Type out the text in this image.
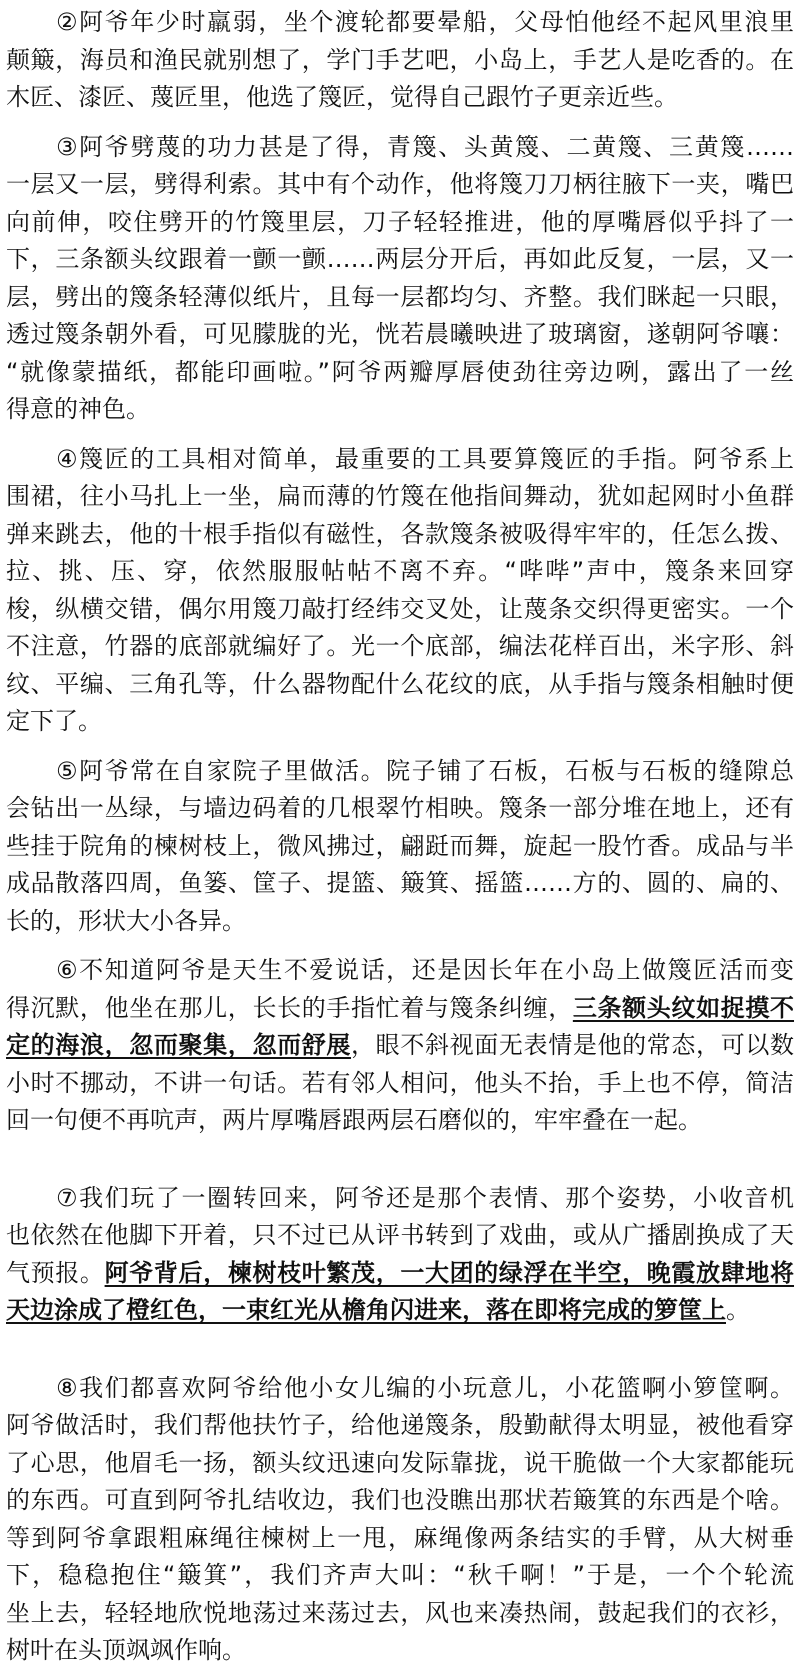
②阿爷年少时羸弱，坐个渡轮都要晕船，父母怕他经不起风里浪里
颠簸，海员和渔民就别想了，学门手艺吧，小岛上，手艺人是吃香的。在
木匠、漆匠、蔑匠里，他选了篾匠，觉得自己跟竹子更亲近些。
③阿爷劈蔑的功力甚是了得，青篾、头黄篾、二黄篾、三黄篾……
一层又一层，劈得利索。其中有个动作，他将篾刀刀柄往腋下一夹，嘴巴
向前伸，咬住劈开的竹篾里层，刀子轻轻推进，他的厚嘴唇似乎抖了一
下，三条额头纹跟着一颤一颤……两层分开后，再如此反复，一层，又一
层，劈出的篾条轻薄似纸片，且每一层都均匀、齐整。我们眯起一只眼，
透过篾条朝外看，可见朦胧的光，恍若晨曦映进了玻璃窗，遂朝阿爷嚷：
“就像蒙描纸，都能印画啦。”阿爷两瓣厚唇使劲往旁边咧，露出了一丝
得意的神色。
④篾匠的工具相对简单，最重要的工具要算篾匠的手指。阿爷系上
围裙，往小马扎上一坐，扁而薄的竹篾在他指间舞动，犹如起网时小鱼群
弹来跳去，他的十根手指似有磁性，各款篾条被吸得牢牢的，任怎么拨、
拉、挑、压、穿，依然服服帖帖不离不弃。“哔哔”声中，篾条来回穿
梭，纵横交错，偶尔用篾刀敲打经纬交叉处，让蔑条交织得更密实。一个
不注意，竹器的底部就编好了。光一个底部，编法花样百出，米字形、斜
纹、平编、三角孔等，什么器物配什么花纹的底，从手指与篾条相触时便
定下了。
⑤阿爷常在自家院子里做活。院子铺了石板，石板与石板的缝隙总
会钻出一丛绿，与墙边码着的几根翠竹相映。篾条一部分堆在地上，还有
些挂于院角的楝树枝上，微风拂过，翩跹而舞，旋起一股竹香。成品与半
成品散落四周，鱼篓、筐子、提篮、簸箕、摇篮……方的、圆的、扁的、
长的，形状大小各异。
⑥不知道阿爷是天生不爱说话，还是因长年在小岛上做篾匠活而变
得沉默，他坐在那儿，长长的手指忙着与篾条纠缠，三条额头纹如捉摸不
定的海浪，忽而聚集，忽而舒展，眼不斜视面无表情是他的常态，可以数
小时不挪动，不讲一句话。若有邻人相问，他头不抬，手上也不停，简洁
回一句便不再吭声，两片厚嘴唇跟两层石磨似的，牢牢叠在一起。
⑦我们玩了一圈转回来，阿爷还是那个表情、那个姿势，小收音机
也依然在他脚下开着，只不过已从评书转到了戏曲，或从广播剧换成了天
气预报。阿爷背后，楝树枝叶繁茂，一大团的绿浮在半空，晚霞放肆地将
天边涂成了橙红色，一束红光从檐角闪进来，落在即将完成的箩筐上。
⑧我们都喜欢阿爷给他小女儿编的小玩意儿，小花篮啊小箩筐啊。
阿爷做活时，我们帮他扶竹子，给他递篾条，殷勤献得太明显，被他看穿
了心思，他眉毛一扬，额头纹迅速向发际靠拢，说干脆做一个大家都能玩
的东西。可直到阿爷扎结收边，我们也没瞧出那状若簸箕的东西是个啥。
等到阿爷拿跟粗麻绳往楝树上一甩，麻绳像两条结实的手臂，从大树垂
下，稳稳抱住“簸箕”，我们齐声大叫：“秋千啊！”于是，一个个轮流
坐上去，轻轻地欣悦地荡过来荡过去，风也来凑热闹，鼓起我们的衣衫，
树叶在头顶飒飒作响。
